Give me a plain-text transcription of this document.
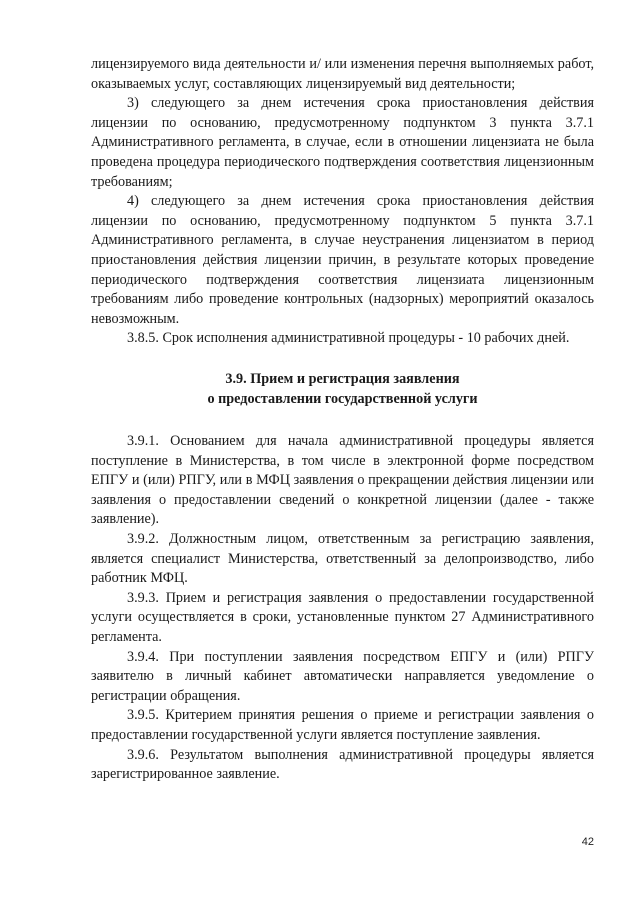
лицензируемого вида деятельности и/ или изменения перечня выполняемых работ, оказываемых услуг, составляющих лицензируемый вид деятельности;

3) следующего за днем истечения срока приостановления действия лицензии по основанию, предусмотренному подпунктом 3 пункта 3.7.1 Административного регламента, в случае, если в отношении лицензиата не была проведена процедура периодического подтверждения соответствия лицензионным требованиям;

4) следующего за днем истечения срока приостановления действия лицензии по основанию, предусмотренному подпунктом 5 пункта 3.7.1 Административного регламента, в случае неустранения лицензиатом в период приостановления действия лицензии причин, в результате которых проведение периодического подтверждения соответствия лицензиата лицензионным требованиям либо проведение контрольных (надзорных) мероприятий оказалось невозможным.

3.8.5. Срок исполнения административной процедуры - 10 рабочих дней.

3.9. Прием и регистрация заявления
о предоставлении государственной услуги

3.9.1. Основанием для начала административной процедуры является поступление в Министерства, в том числе в электронной форме посредством ЕПГУ и (или) РПГУ, или в МФЦ заявления о прекращении действия лицензии или заявления о предоставлении сведений о конкретной лицензии (далее - также заявление).

3.9.2. Должностным лицом, ответственным за регистрацию заявления, является специалист Министерства, ответственный за делопроизводство, либо работник МФЦ.

3.9.3. Прием и регистрация заявления о предоставлении государственной услуги осуществляется в сроки, установленные пунктом 27 Административного регламента.

3.9.4. При поступлении заявления посредством ЕПГУ и (или) РПГУ заявителю в личный кабинет автоматически направляется уведомление о регистрации обращения.

3.9.5. Критерием принятия решения о приеме и регистрации заявления о предоставлении государственной услуги является поступление заявления.

3.9.6. Результатом выполнения административной процедуры является зарегистрированное заявление.

42
